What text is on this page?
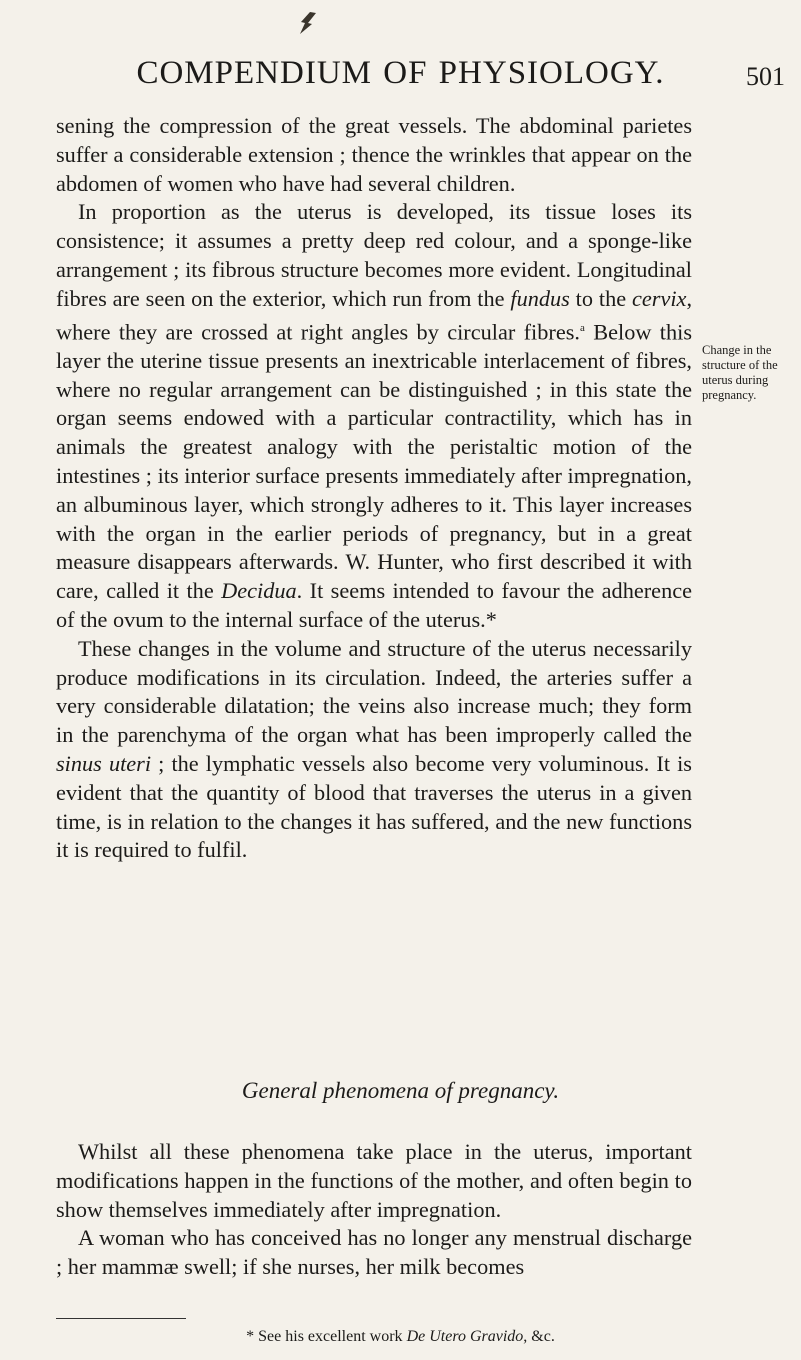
COMPENDIUM OF PHYSIOLOGY.	501

sening the compression of the great vessels. The abdominal parietes suffer a considerable extension ; thence the wrinkles that appear on the abdomen of women who have had several children.

In proportion as the uterus is developed, its tissue loses its consistence; it assumes a pretty deep red colour, and a sponge-like arrangement ; its fibrous structure becomes more evident. Longitudinal fibres are seen on the exterior, which run from the fundus to the cervix, where they are crossed at right angles by circular fibres.$^a$ Below this layer the uterine tissue presents an inextricable interlacement of fibres, where no regular arrangement can be distinguished ; in this state the organ seems endowed with a particular contractility, which has in animals the greatest analogy with the peristaltic motion of the intestines ; its interior surface presents immediately after impregnation, an albuminous layer, which strongly adheres to it. This layer increases with the organ in the earlier periods of pregnancy, but in a great measure disappears afterwards. W. Hunter, who first described it with care, called it the Decidua. It seems intended to favour the adherence of the ovum to the internal surface of the uterus.*

These changes in the volume and structure of the uterus necessarily produce modifications in its circulation. Indeed, the arteries suffer a very considerable dilatation; the veins also increase much; they form in the parenchyma of the organ what has been improperly called the sinus uteri ; the lymphatic vessels also become very voluminous. It is evident that the quantity of blood that traverses the uterus in a given time, is in relation to the changes it has suffered, and the new functions it is required to fulfil.

Change in the structure of the uterus during pregnancy.
General phenomena of pregnancy.

Whilst all these phenomena take place in the uterus, important modifications happen in the functions of the mother, and often begin to show themselves immediately after impregnation.

A woman who has conceived has no longer any menstrual discharge ; her mammæ swell; if she nurses, her milk becomes

* See his excellent work De Utero Gravido, &c.
